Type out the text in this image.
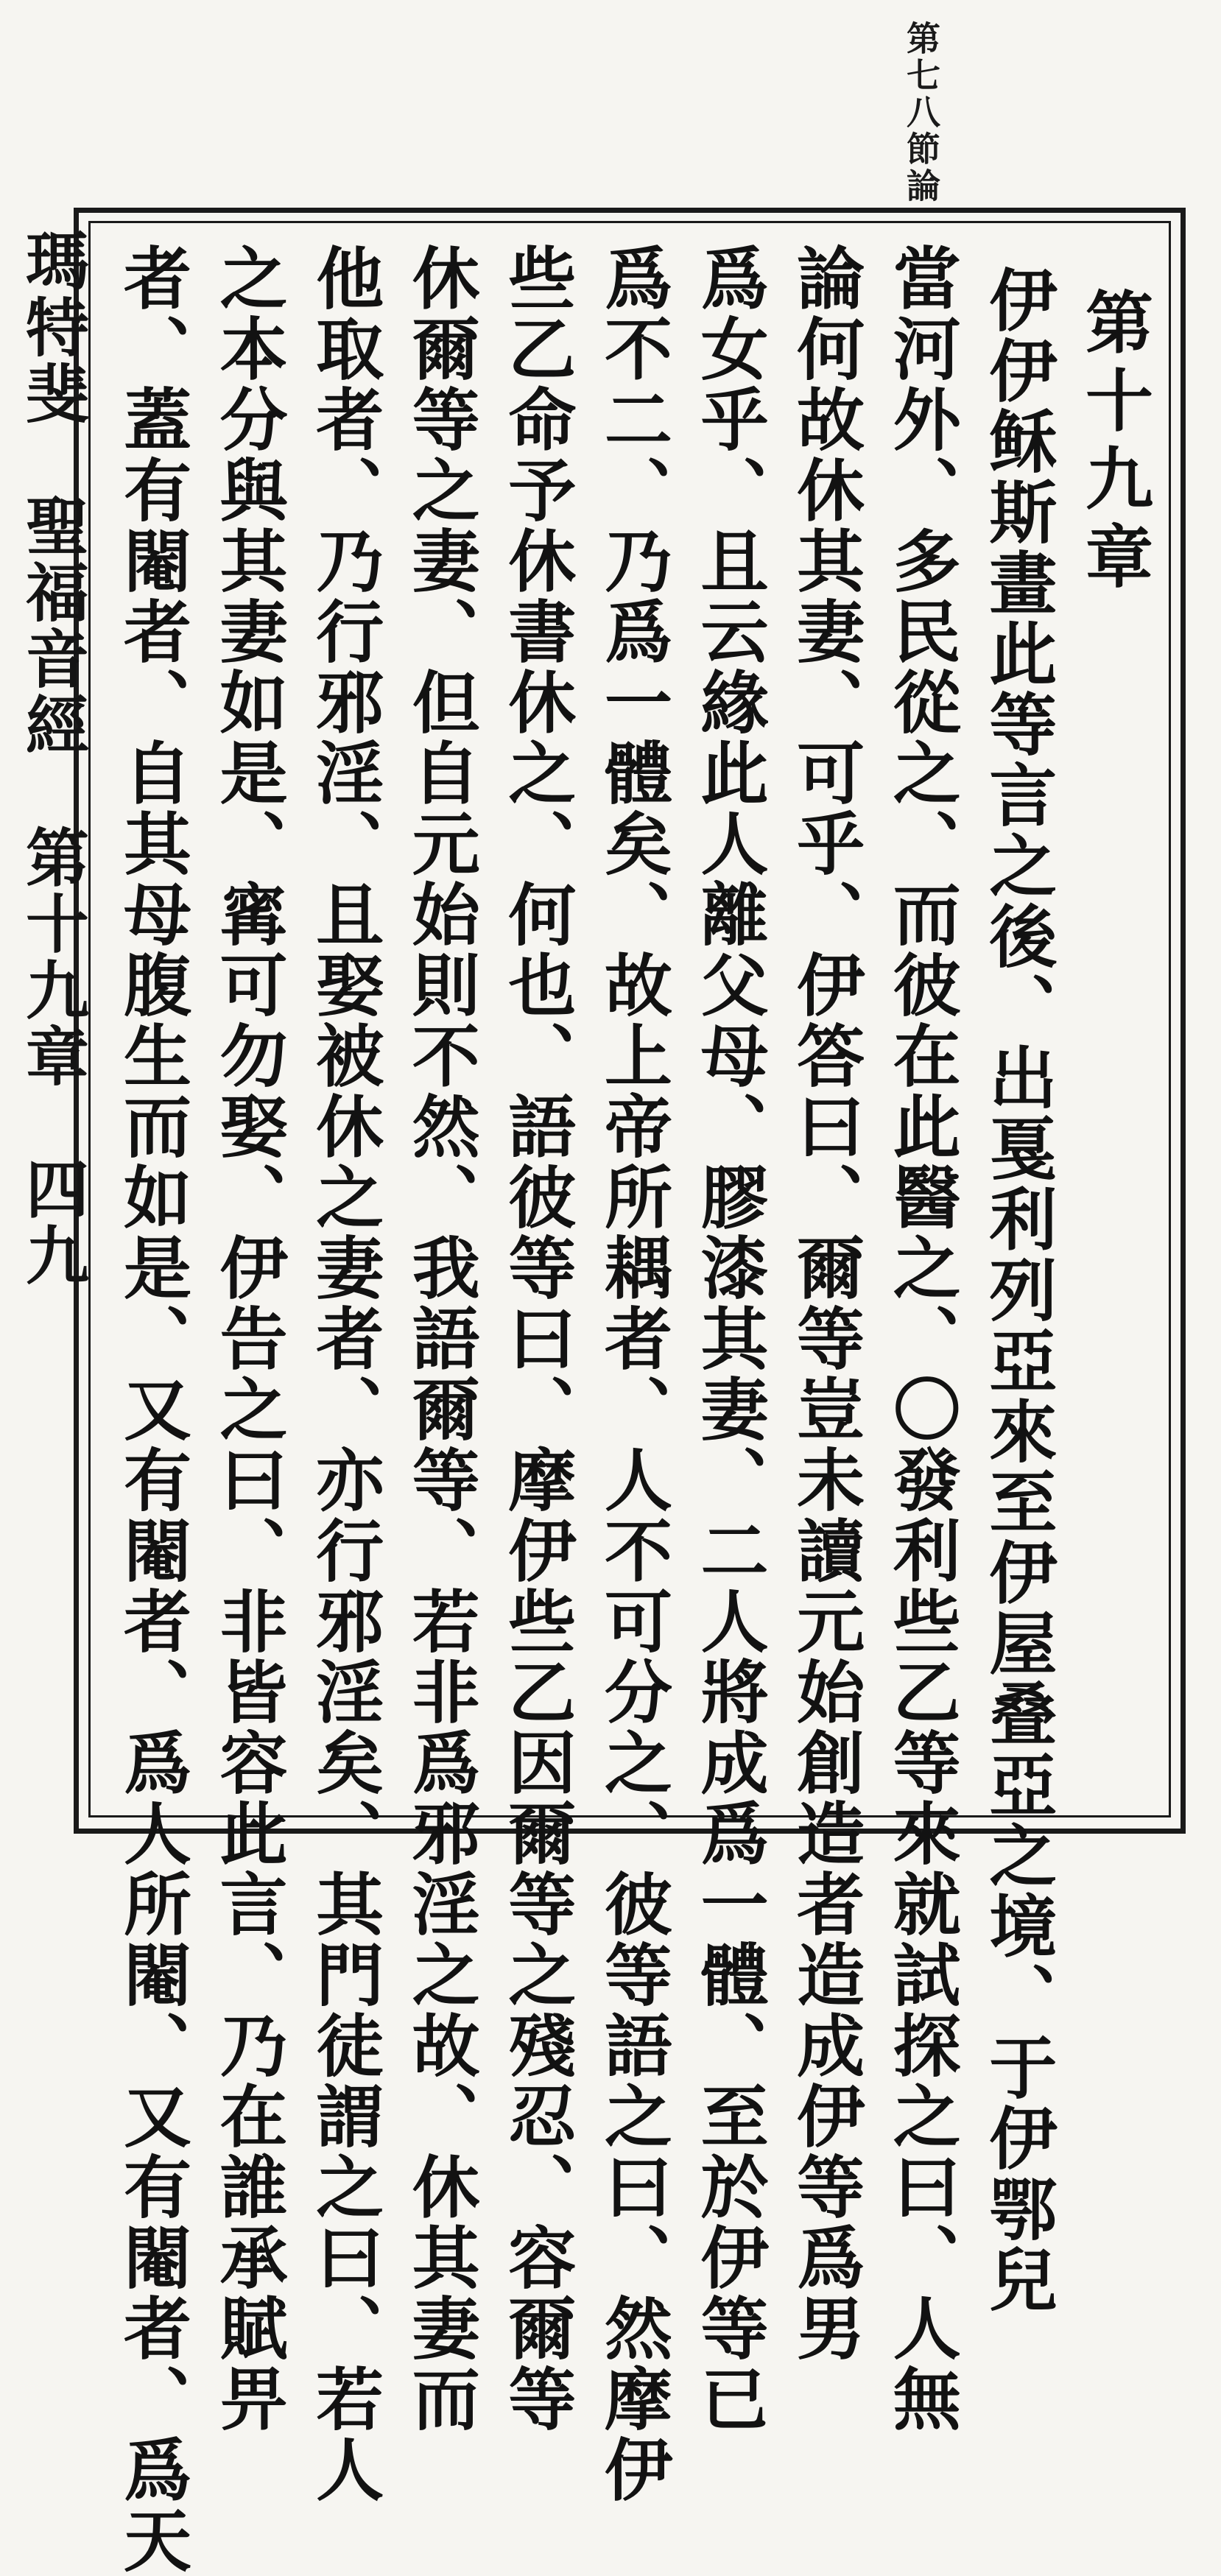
第七八節論
瑪特斐　聖福音經　第十九章　四九	第十九章
伊伊稣斯畫此等言之後、出戛利列亞來至伊屋叠亞之境、于伊鄂兒
當河外、多民從之、而彼在此醫之、〇發利些乙等來就試探之曰、人無
論何故休其妻、可乎、伊答曰、爾等豈未讀元始創造者造成伊等爲男
爲女乎、且云緣此人離父母、膠漆其妻、二人將成爲一體、至於伊等已
爲不二、乃爲一體矣、故上帝所耦者、人不可分之、彼等語之曰、然摩伊
些乙命予休書休之、何也、語彼等曰、摩伊些乙因爾等之殘忍、容爾等
休爾等之妻、但自元始則不然、我語爾等、若非爲邪淫之故、休其妻而
他取者、乃行邪淫、且娶被休之妻者、亦行邪淫矣、其門徒謂之曰、若人
之本分與其妻如是、寗可勿娶、伊告之曰、非皆容此言、乃在誰承賦畀
者、蓋有閹者、自其母腹生而如是、又有閹者、爲人所閹、又有閹者、爲天
